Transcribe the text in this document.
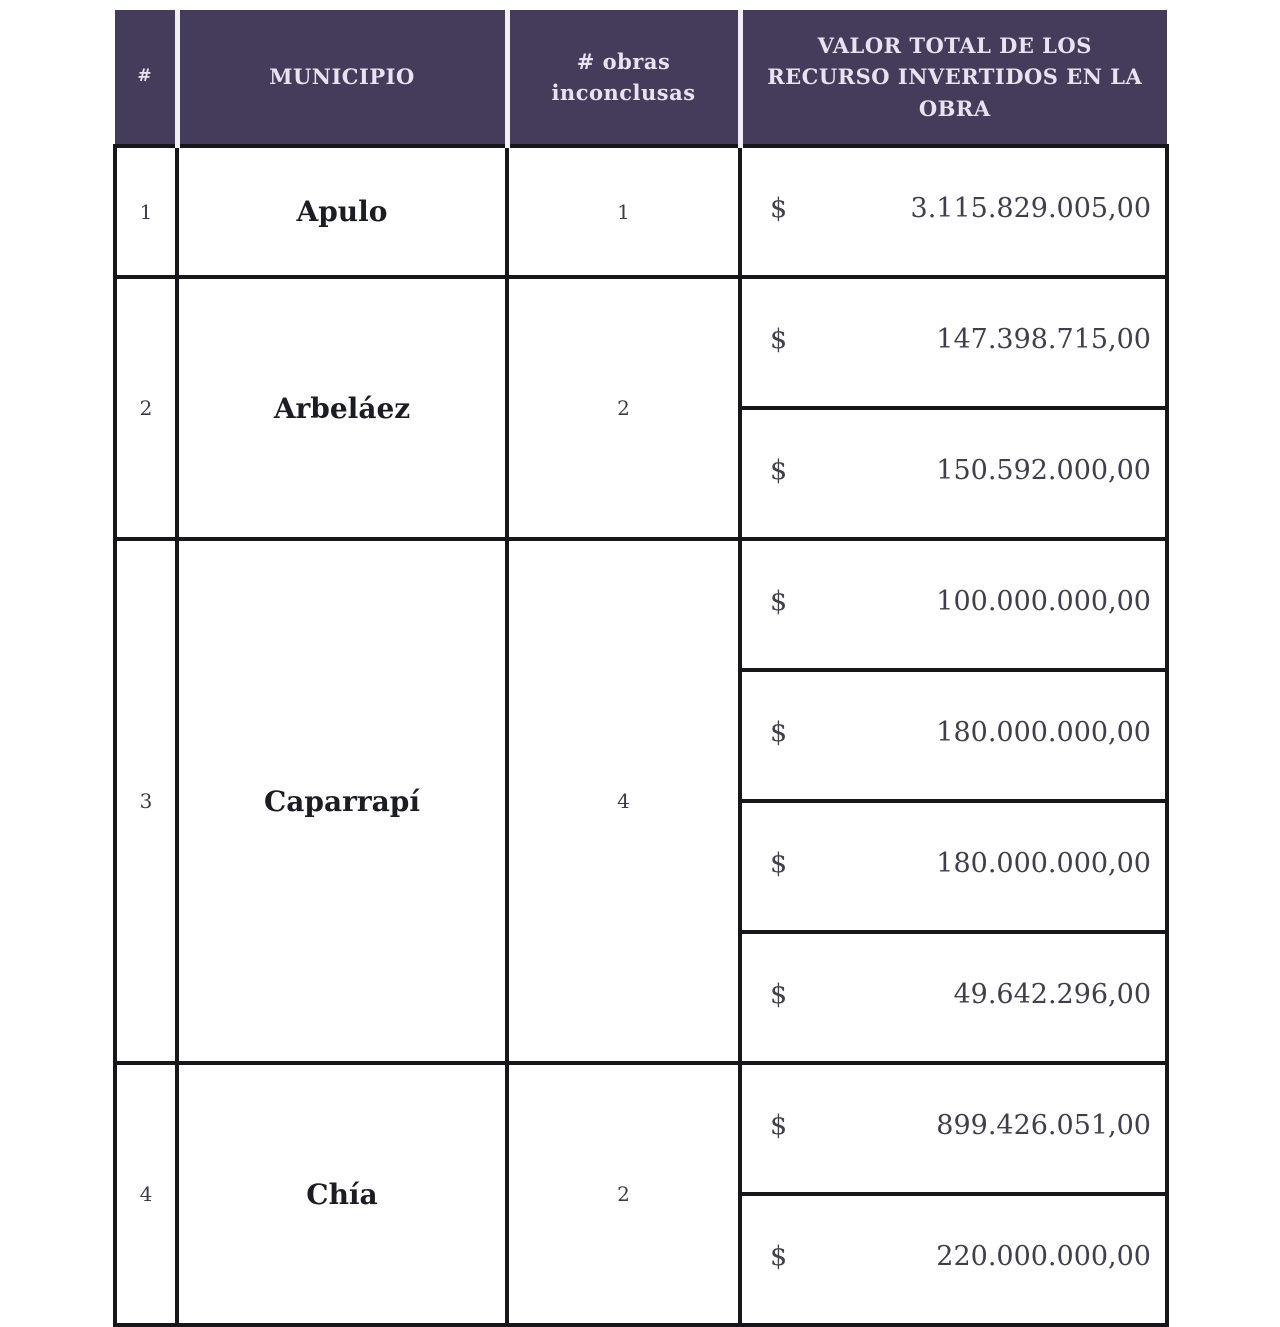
#	MUNICIPIO	# obras inconclusas	VALOR TOTAL DE LOS RECURSO INVERTIDOS EN LA OBRA

1	Apulo	1	$ 3.115.829.005,00

2	Arbeláez	2	$ 147.398.715,00

			$ 150.592.000,00

3	Caparrapí	4	$ 100.000.000,00

			$ 180.000.000,00

			$ 180.000.000,00

			$ 49.642.296,00

4	Chía	2	$ 899.426.051,00

			$ 220.000.000,00
